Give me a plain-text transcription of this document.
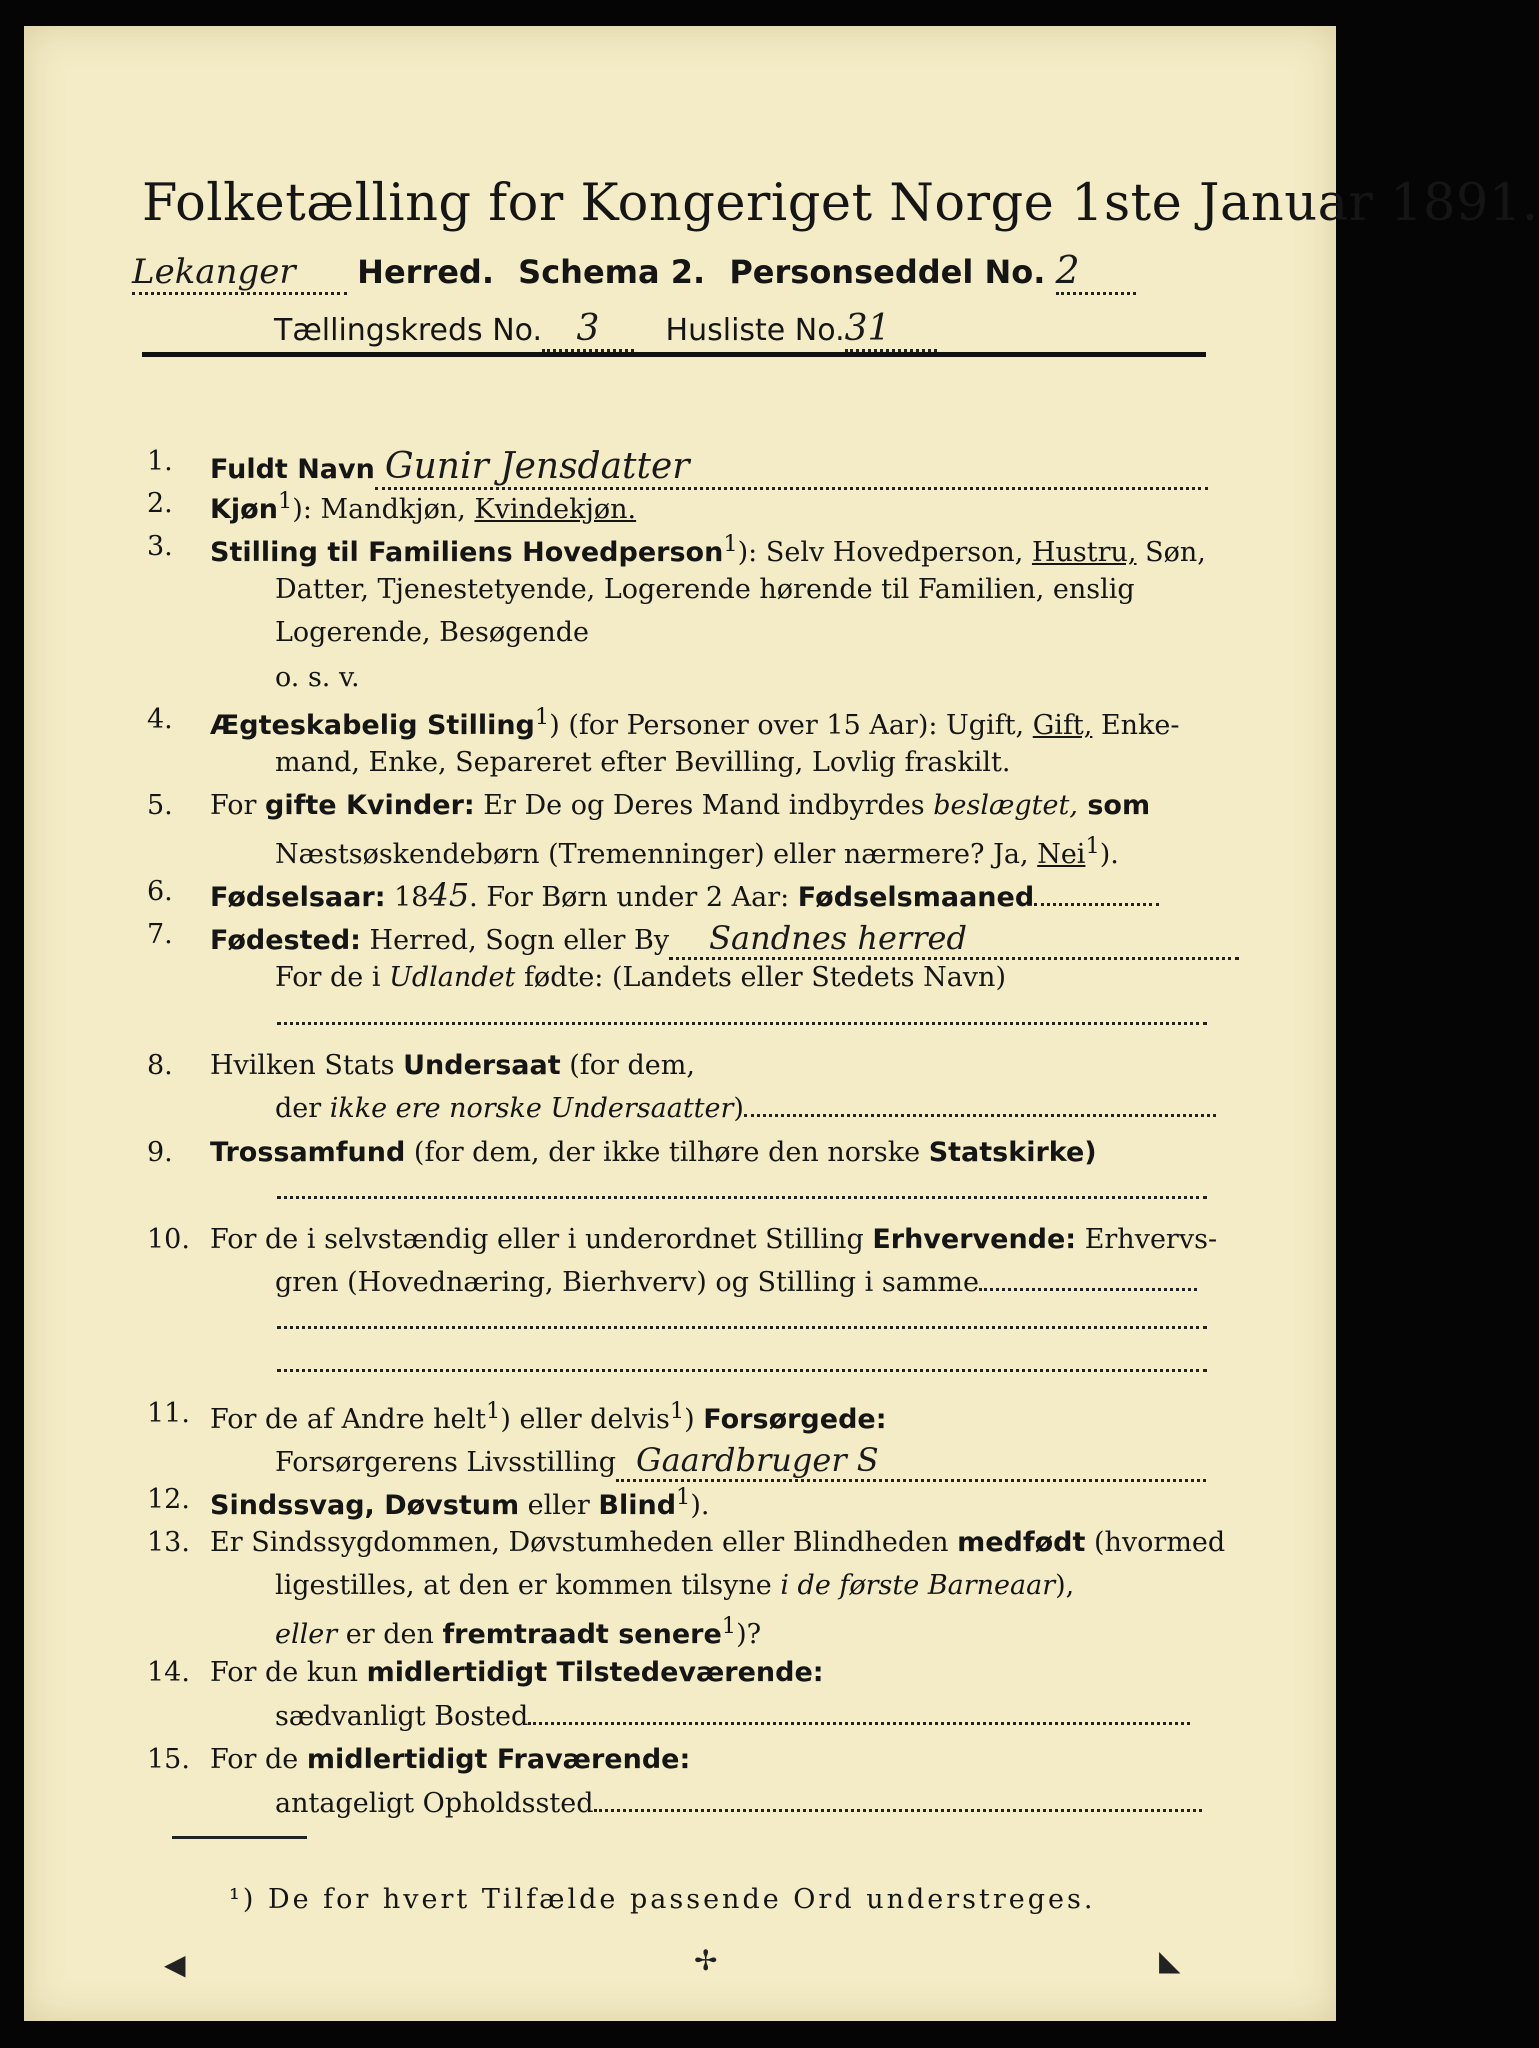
Folketælling for Kongeriget Norge 1ste Januar 1891.
Lekanger Herred. Schema 2. Personseddel No. 2
Tællingskreds No. 3 Husliste No.31
1.	Fuldt Navn Gunir Jensdatter
2.	Kjøn$^1$): Mandkjøn, Kvindekjøn.
3.	Stilling til Familiens Hovedperson$^1$): Selv Hovedperson, Hustru, Søn,
Datter, Tjenestetyende, Logerende hørende til Familien, enslig
Logerende, Besøgende
o. s. v.
4.	Ægteskabelig Stilling$^1$) (for Personer over 15 Aar): Ugift, Gift, Enke-
mand, Enke, Separeret efter Bevilling, Lovlig fraskilt.
5.	For gifte Kvinder: Er De og Deres Mand indbyrdes beslægtet, som
Næstsøskendebørn (Tremenninger) eller nærmere? Ja, Nei$^1$).
6.	Fødselsaar: 1845. For Børn under 2 Aar: Fødselsmaaned
7.	Fødested: Herred, Sogn eller By Sandnes herred
For de i Udlandet fødte: (Landets eller Stedets Navn)
8.	Hvilken Stats Undersaat (for dem,
der ikke ere norske Undersaatter)
9.	Trossamfund (for dem, der ikke tilhøre den norske Statskirke)
10. For de i selvstændig eller i underordnet Stilling Erhvervende: Erhvervs-
gren (Hovednæring, Bierhverv) og Stilling i samme
11. For de af Andre helt$^1$) eller delvis$^1$) Forsørgede:
Forsørgerens Livsstilling Gaardbruger S
12. Sindssvag, Døvstum eller Blind$^1$).
13. Er Sindssygdommen, Døvstumheden eller Blindheden medfødt (hvormed
ligestilles, at den er kommen tilsyne i de første Barneaar),
eller er den fremtraadt senere$^1$)?
14. For de kun midlertidigt Tilstedeværende:
sædvanligt Bosted
15. For de midlertidigt Fraværende:
antageligt Opholdssted
¹) De for hvert Tilfælde passende Ord understreges.
◀	✢	◣
